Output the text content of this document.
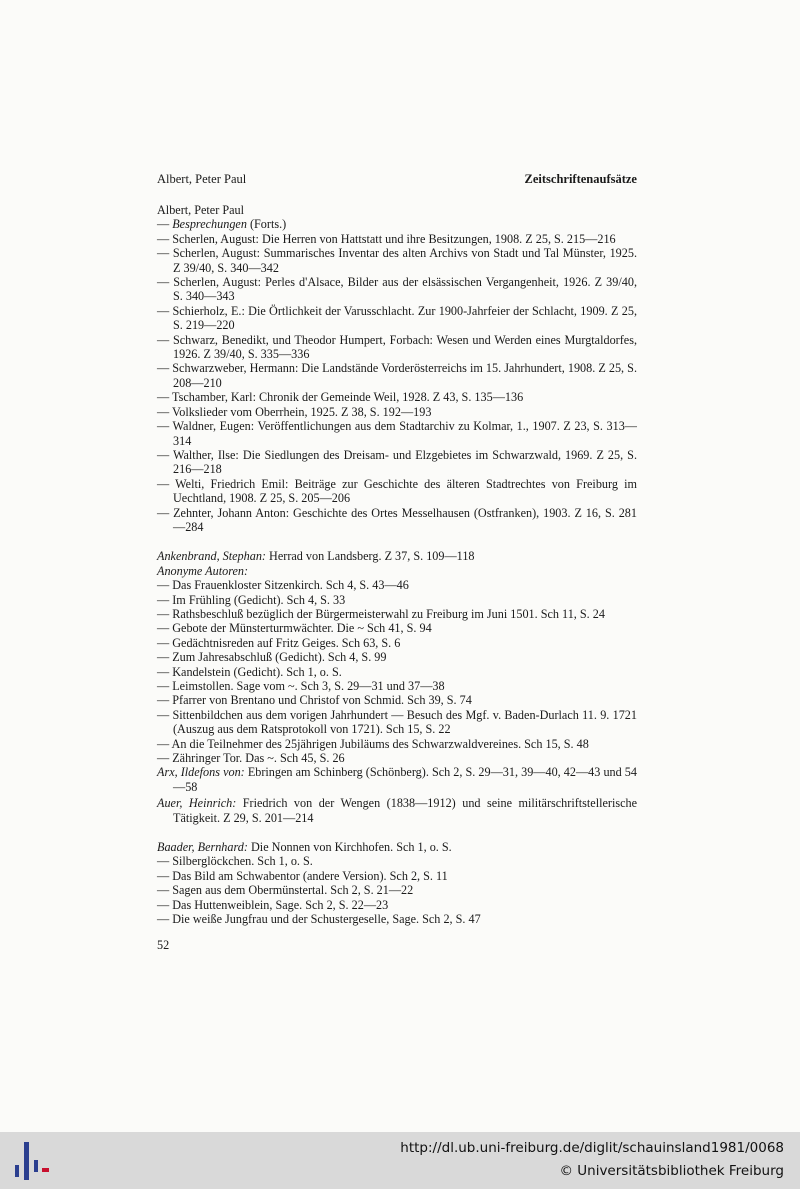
Albert, Peter Paul	Zeitschriftenaufsätze
Albert, Peter Paul
— Besprechungen (Forts.)
— Scherlen, August: Die Herren von Hattstatt und ihre Besitzungen, 1908. Z 25, S. 215—216
— Scherlen, August: Summarisches Inventar des alten Archivs von Stadt und Tal Münster, 1925. Z 39/40, S. 340—342
— Scherlen, August: Perles d'Alsace, Bilder aus der elsässischen Vergangenheit, 1926. Z 39/40, S. 340—343
— Schierholz, E.: Die Örtlichkeit der Varusschlacht. Zur 1900-Jahrfeier der Schlacht, 1909. Z 25, S. 219—220
— Schwarz, Benedikt, und Theodor Humpert, Forbach: Wesen und Werden eines Murgtaldorfes, 1926. Z 39/40, S. 335—336
— Schwarzweber, Hermann: Die Landstände Vorderösterreichs im 15. Jahrhundert, 1908. Z 25, S. 208—210
— Tschamber, Karl: Chronik der Gemeinde Weil, 1928. Z 43, S. 135—136
— Volkslieder vom Oberrhein, 1925. Z 38, S. 192—193
— Waldner, Eugen: Veröffentlichungen aus dem Stadtarchiv zu Kolmar, 1., 1907. Z 23, S. 313—314
— Walther, Ilse: Die Siedlungen des Dreisam- und Elzgebietes im Schwarzwald, 1969. Z 25, S. 216—218
— Welti, Friedrich Emil: Beiträge zur Geschichte des älteren Stadtrechtes von Freiburg im Uechtland, 1908. Z 25, S. 205—206
— Zehnter, Johann Anton: Geschichte des Ortes Messelhausen (Ostfranken), 1903. Z 16, S. 281—284
Ankenbrand, Stephan: Herrad von Landsberg. Z 37, S. 109—118
Anonyme Autoren:
— Das Frauenkloster Sitzenkirch. Sch 4, S. 43—46
— Im Frühling (Gedicht). Sch 4, S. 33
— Rathsbeschluß bezüglich der Bürgermeisterwahl zu Freiburg im Juni 1501. Sch 11, S. 24
— Gebote der Münsterturmwächter. Die ~ Sch 41, S. 94
— Gedächtnisreden auf Fritz Geiges. Sch 63, S. 6
— Zum Jahresabschluß (Gedicht). Sch 4, S. 99
— Kandelstein (Gedicht). Sch 1, o. S.
— Leimstollen. Sage vom ~. Sch 3, S. 29—31 und 37—38
— Pfarrer von Brentano und Christof von Schmid. Sch 39, S. 74
— Sittenbildchen aus dem vorigen Jahrhundert — Besuch des Mgf. v. Baden-Durlach 11. 9. 1721 (Auszug aus dem Ratsprotokoll von 1721). Sch 15, S. 22
— An die Teilnehmer des 25jährigen Jubiläums des Schwarzwaldvereines. Sch 15, S. 48
— Zähringer Tor. Das ~. Sch 45, S. 26
Arx, Ildefons von: Ebringen am Schinberg (Schönberg). Sch 2, S. 29—31, 39—40, 42—43 und 54—58
Auer, Heinrich: Friedrich von der Wengen (1838—1912) und seine militärschriftstellerische Tätigkeit. Z 29, S. 201—214
Baader, Bernhard: Die Nonnen von Kirchhofen. Sch 1, o. S.
— Silberglöckchen. Sch 1, o. S.
— Das Bild am Schwabentor (andere Version). Sch 2, S. 11
— Sagen aus dem Obermünstertal. Sch 2, S. 21—22
— Das Huttenweiblein, Sage. Sch 2, S. 22—23
— Die weiße Jungfrau und der Schustergeselle, Sage. Sch 2, S. 47
52
http://dl.ub.uni-freiburg.de/diglit/schauinsland1981/0068
© Universitätsbibliothek Freiburg
